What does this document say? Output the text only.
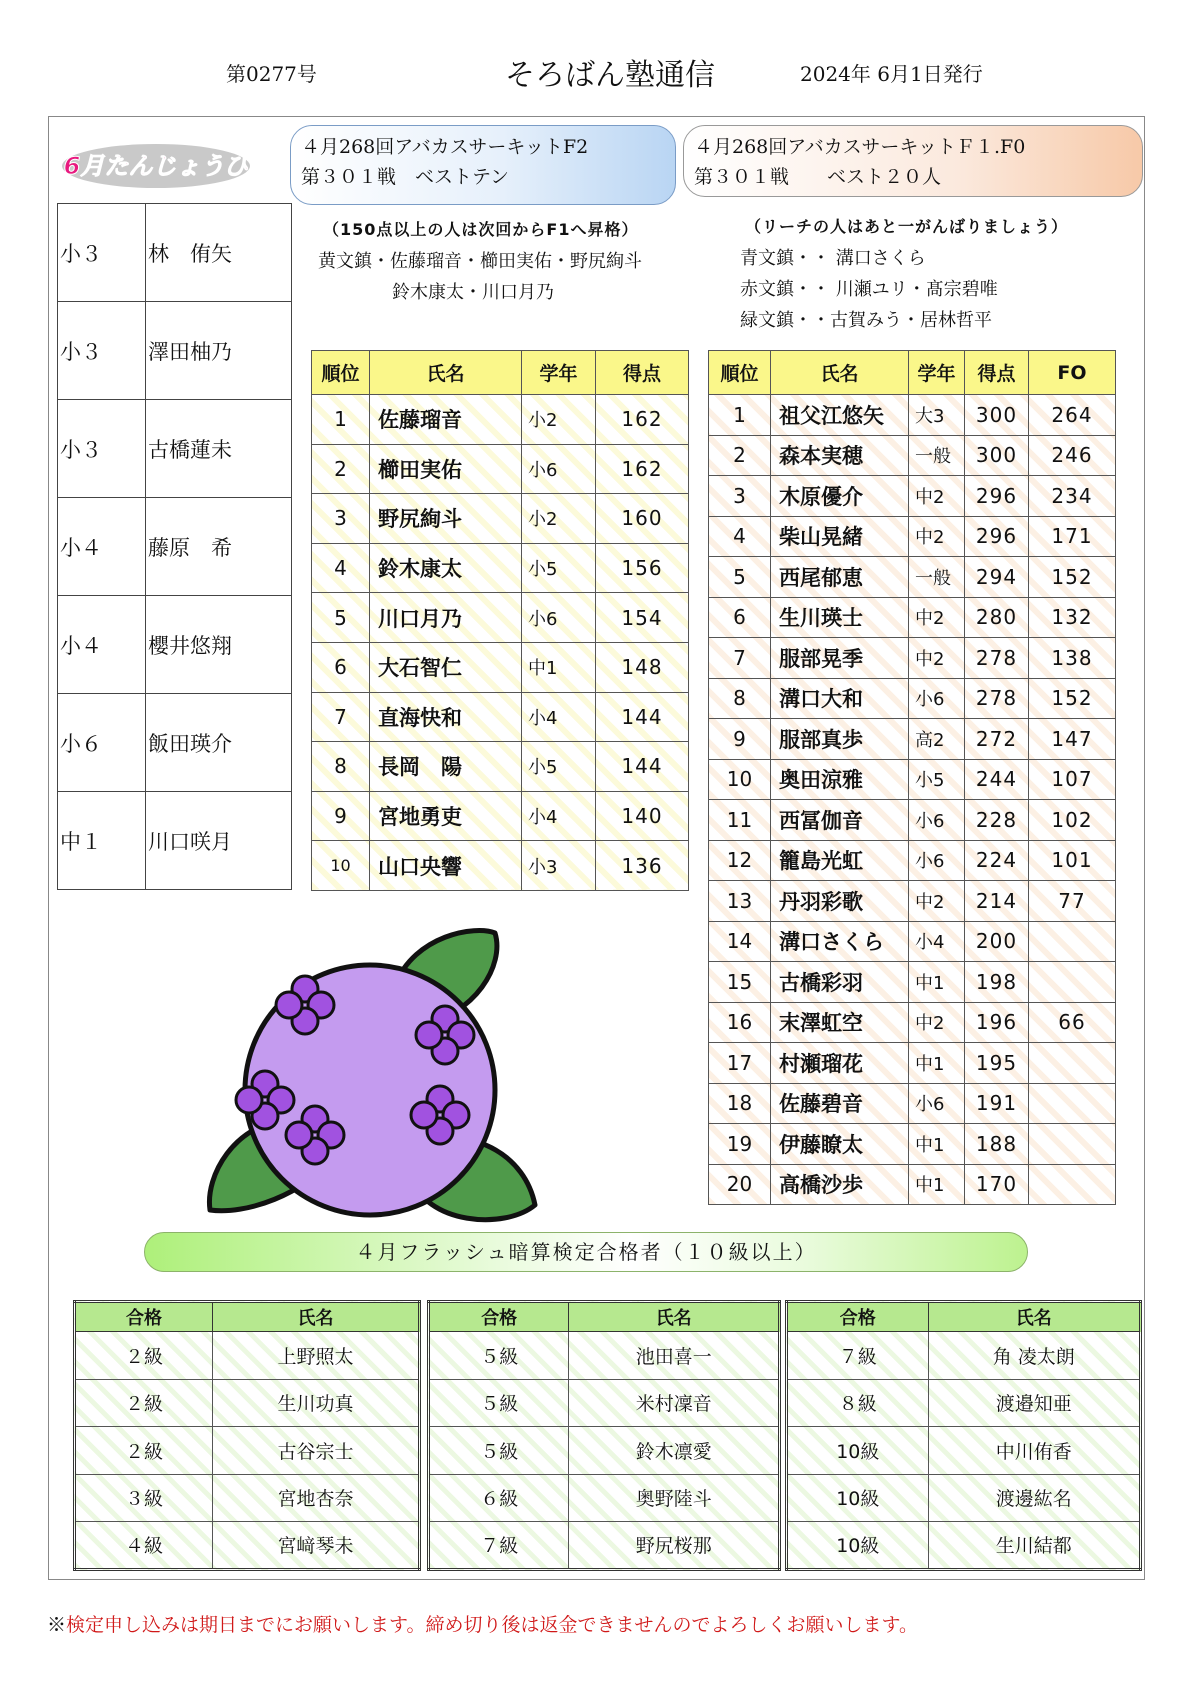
第0277号	そろばん塾通信	2024年 6月1日発行
6月たんじょうび
小３	林　侑矢
小３	澤田柚乃
小３	古橋蓮未
小４	藤原　希
小４	櫻井悠翔
小６	飯田瑛介
中１	川口咲月
４月268回アバカスサーキットF2
第３０１戦　ベストテン
４月268回アバカスサーキットＦ１.F0
第３０１戦　　ベスト２０人
（150点以上の人は次回からF1へ昇格）
黄文鎮・佐藤瑠音・櫛田実佑・野尻絢斗
鈴木康太・川口月乃
（リーチの人はあと一がんばりましょう）
青文鎮・・ 溝口さくら
赤文鎮・・ 川瀬ユリ・髙宗碧唯
緑文鎮・・古賀みう・居林哲平
順位	氏名	学年	得点
1	佐藤瑠音	小2	162
2	櫛田実佑	小6	162
3	野尻絢斗	小2	160
4	鈴木康太	小5	156
5	川口月乃	小6	154
6	大石智仁	中1	148
7	直海快和	小4	144
8	長岡　陽	小5	144
9	宮地勇吏	小4	140
10	山口央響	小3	136
順位	氏名	学年	得点	FO
1	祖父江悠矢	大3	300	264
2	森本実穂	一般	300	246
3	木原優介	中2	296	234
4	柴山晃緒	中2	296	171
5	西尾郁恵	一般	294	152
6	生川瑛士	中2	280	132
7	服部晃季	中2	278	138
8	溝口大和	小6	278	152
9	服部真歩	高2	272	147
10	奥田涼雅	小5	244	107
11	西冨伽音	小6	228	102
12	籠島光虹	小6	224	101
13	丹羽彩歌	中2	214	77
14	溝口さくら	小4	200	
15	古橋彩羽	中1	198	
16	末澤虹空	中2	196	66
17	村瀬瑠花	中1	195	
18	佐藤碧音	小6	191	
19	伊藤瞭太	中1	188	
20	高橋沙歩	中1	170	
４月フラッシュ暗算検定合格者（１０級以上）
合格	氏名
２級	上野照太
２級	生川功真
２級	古谷宗士
３級	宮地杏奈
４級	宮﨑琴未
合格	氏名
５級	池田喜一
５級	米村凜音
５級	鈴木凛愛
６級	奥野陸斗
７級	野尻桜那
合格	氏名
７級	角 凌太朗
８級	渡邉知亜
10級	中川侑香
10級	渡邊紘名
10級	生川結都
※検定申し込みは期日までにお願いします。締め切り後は返金できませんのでよろしくお願いします。
